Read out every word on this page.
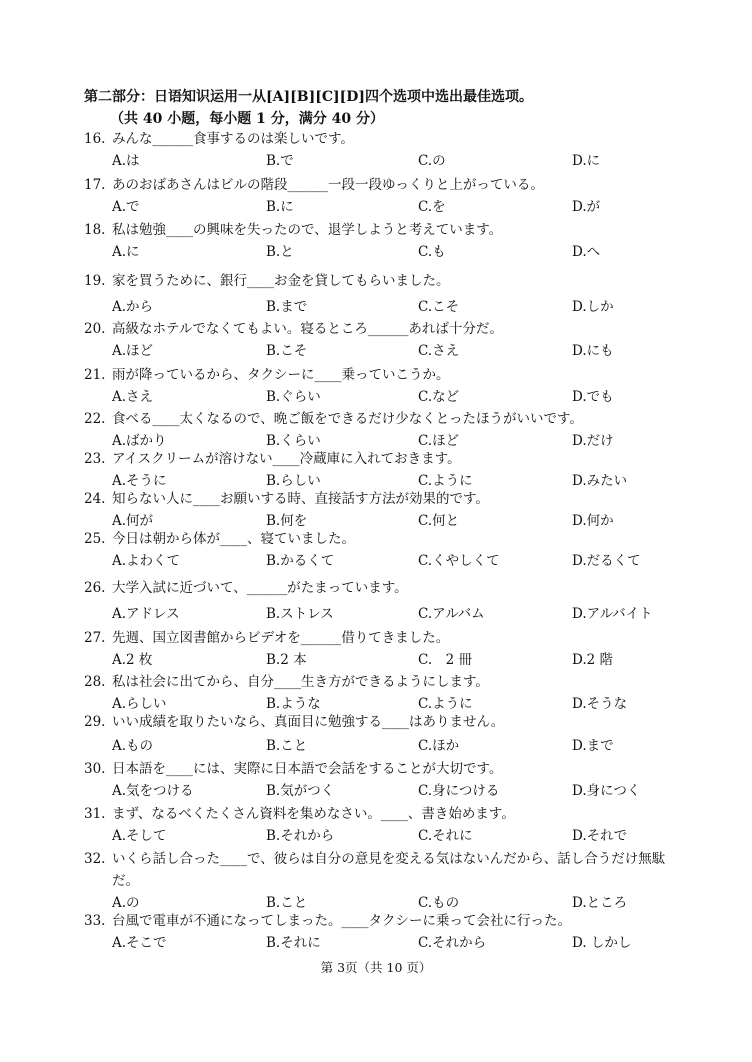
第二部分：日语知识运用一从[A][B][C][D]四个选项中选出最佳选项。
（共 40 小题，每小题 1 分，满分 40 分）
16. みんな______食事するのは楽しいです。
A.は	B.で	C.の	D.に
17. あのおばあさんはビルの階段______一段一段ゆっくりと上がっている。
A.で	B.に	C.を	D.が
18. 私は勉強____の興味を失ったので、退学しようと考えています。
A.に	B.と	C.も	D.へ
19. 家を買うために、銀行____お金を貸してもらいました。
A.から	B.まで	C.こそ	D.しか
20. 高級なホテルでなくてもよい。寝るところ______あれば十分だ。
A.ほど	B.こそ	C.さえ	D.にも
21. 雨が降っているから、タクシーに____乗っていこうか。
A.さえ	B.ぐらい	C.など	D.でも
22. 食べる____太くなるので、晩ご飯をできるだけ少なくとったほうがいいです。
A.ばかり	B.くらい	C.ほど	D.だけ
23. アイスクリームが溶けない____冷蔵庫に入れておきます。
A.そうに	B.らしい	C.ように	D.みたい
24. 知らない人に____お願いする時、直接話す方法が効果的です。
A.何が	B.何を	C.何と	D.何か
25. 今日は朝から体が____、寝ていました。
A.よわくて	B.かるくて	C.くやしくて	D.だるくて
26. 大学入試に近づいて、______がたまっています。
A.アドレス	B.ストレス	C.アルバム	D.アルバイト
27. 先週、国立図書館からビデオを______借りてきました。
A.2 枚	B.2 本	C.　2 冊	D.2 階
28. 私は社会に出てから、自分____生き方ができるようにします。
A.らしい	B.ような	C.ように	D.そうな
29. いい成績を取りたいなら、真面目に勉強する____はありません。
A.もの	B.こと	C.ほか	D.まで
30. 日本語を____には、実際に日本語で会話をすることが大切です。
A.気をつける	B.気がつく	C.身につける	D.身につく
31. まず、なるべくたくさん資料を集めなさい。____、書き始めます。
A.そして	B.それから	C.それに	D.それで
32. いくら話し合った____で、彼らは自分の意見を変える気はないんだから、話し合うだけ無駄だ。
A.の	B.こと	C.もの	D.ところ
33. 台風で電車が不通になってしまった。____タクシーに乗って会社に行った。
A.そこで	B.それに	C.それから	D. しかし
第 3页（共 10 页）
